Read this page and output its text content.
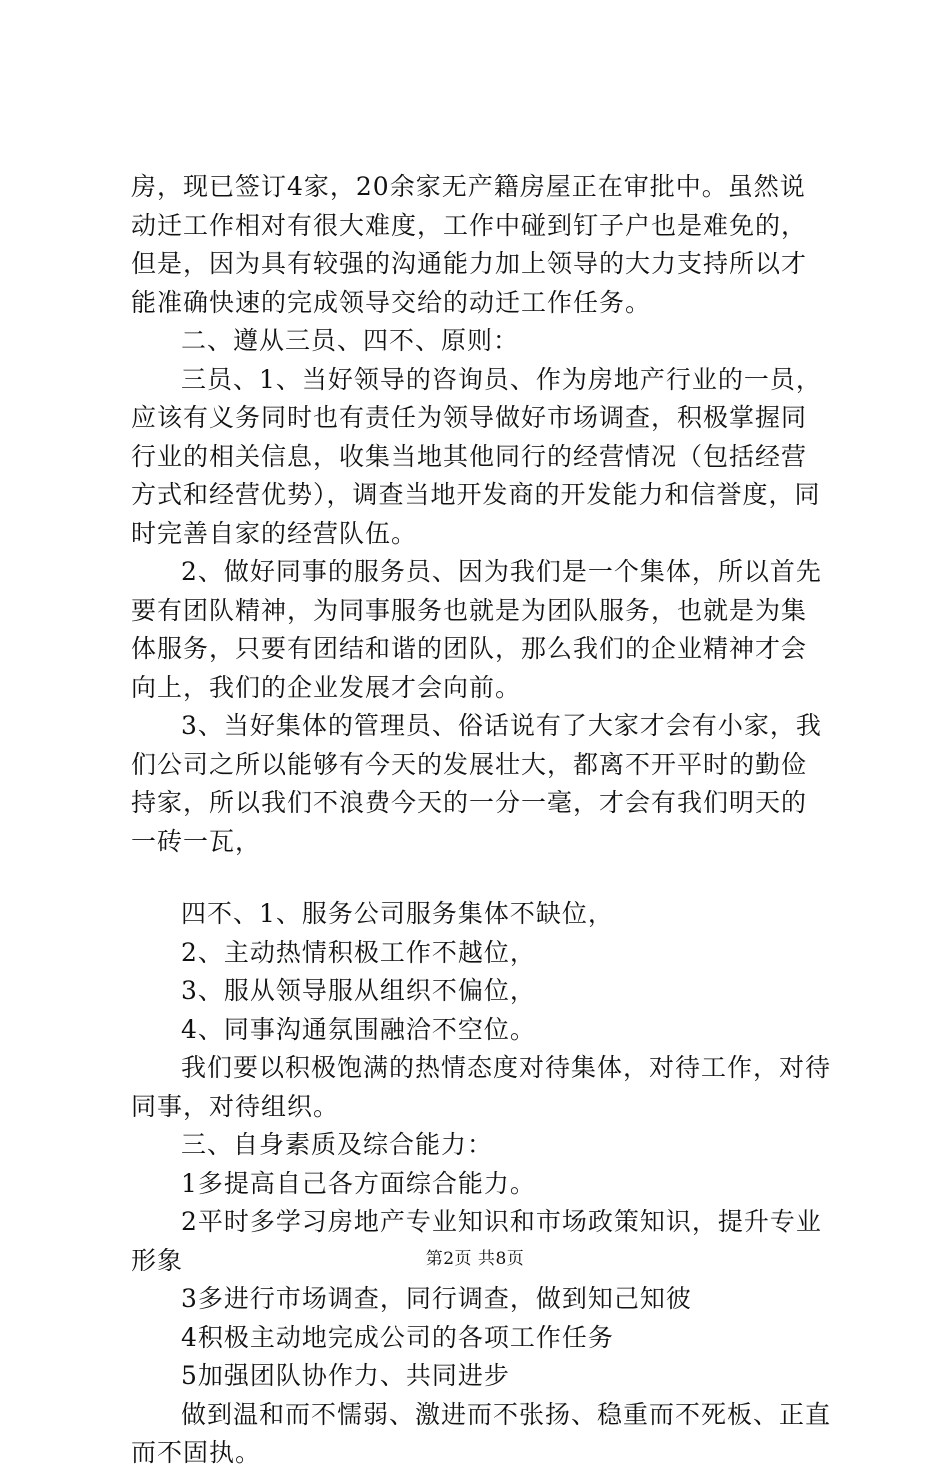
房，现已签订4家，20余家无产籍房屋正在审批中。虽然说动迁工作相对有很大难度，工作中碰到钉子户也是难免的，但是，因为具有较强的沟通能力加上领导的大力支持所以才能准确快速的完成领导交给的动迁工作任务。

二、遵从三员、四不、原则：

三员、1、当好领导的咨询员、作为房地产行业的一员，应该有义务同时也有责任为领导做好市场调查，积极掌握同行业的相关信息，收集当地其他同行的经营情况（包括经营方式和经营优势），调查当地开发商的开发能力和信誉度，同时完善自家的经营队伍。

2、做好同事的服务员、因为我们是一个集体，所以首先要有团队精神，为同事服务也就是为团队服务，也就是为集体服务，只要有团结和谐的团队，那么我们的企业精神才会向上，我们的企业发展才会向前。

3、当好集体的管理员、俗话说有了大家才会有小家，我们公司之所以能够有今天的发展壮大，都离不开平时的勤俭持家，所以我们不浪费今天的一分一毫，才会有我们明天的一砖一瓦，

四不、1、服务公司服务集体不缺位，

2、主动热情积极工作不越位，

3、服从领导服从组织不偏位，

4、同事沟通氛围融洽不空位。

我们要以积极饱满的热情态度对待集体，对待工作，对待同事，对待组织。

三、自身素质及综合能力：

1多提高自己各方面综合能力。

2平时多学习房地产专业知识和市场政策知识，提升专业形象

3多进行市场调查，同行调查，做到知己知彼

4积极主动地完成公司的各项工作任务

5加强团队协作力、共同进步

做到温和而不懦弱、激进而不张扬、稳重而不死板、正直而不固执。

第2页 共8页
